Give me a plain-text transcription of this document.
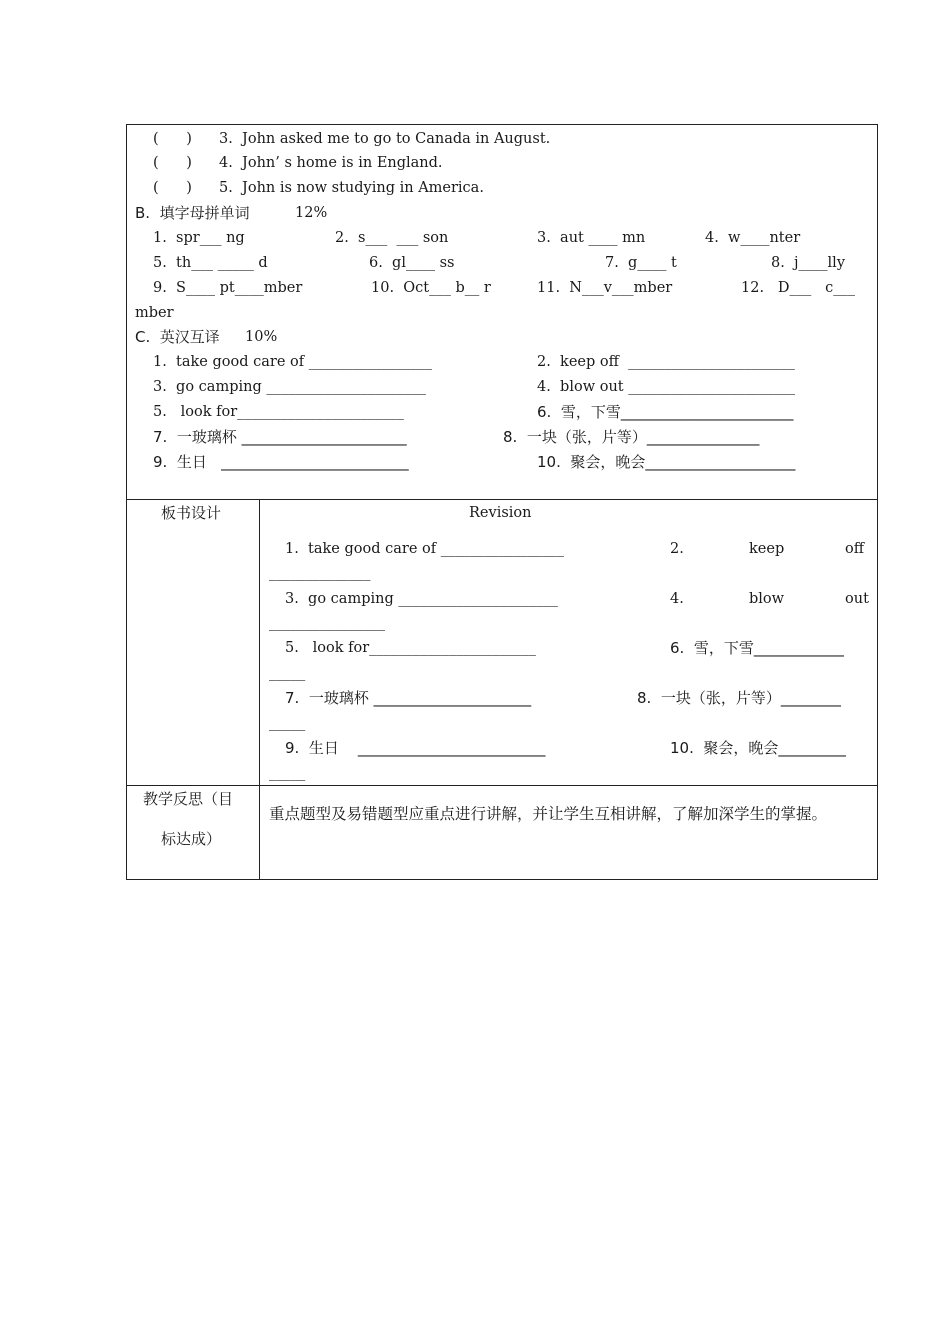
(      ) 3.  John asked me to go to Canada in August.
(      ) 4.  John’ s home is in England.
(      ) 5.  John is now studying in America.
B.  填字母拼单词	12%
1.  spr___ ng	2.  s___  ___ son	3.  aut ____ mn	4.  w____nter
5.  th___ _____ d	6.  gl____ ss	7.  g____ t	8.  j____lly
9.  S____ pt____mber	10.  Oct___ b__ r	11.  N___v___mber	12.   D___   c___
mber
C.  英汉互译 10%
1.  take good care of _________________	2.  keep off  _______________________
3.  go camping ______________________	4.  blow out _______________________
5.   look for_______________________	6.  雪，下雪_______________________
7.  一玻璃杯 ______________________	8.  一块（张，片等）_______________
9.  生日   _________________________	10.  聚会，晚会____________________
板书设计	Revision
1.  take good care of _________________	2.	keep	off
______________
3.  go camping ______________________	4.	blow	out
________________
5.   look for_______________________	6.  雪，下雪____________
_____
7.  一玻璃杯 _____________________	8.  一块（张，片等）________
_____
9.  生日    _________________________	10.  聚会，晚会_________
_____
教学反思（目
标达成）
重点题型及易错题型应重点进行讲解，并让学生互相讲解，了解加深学生的掌握。
